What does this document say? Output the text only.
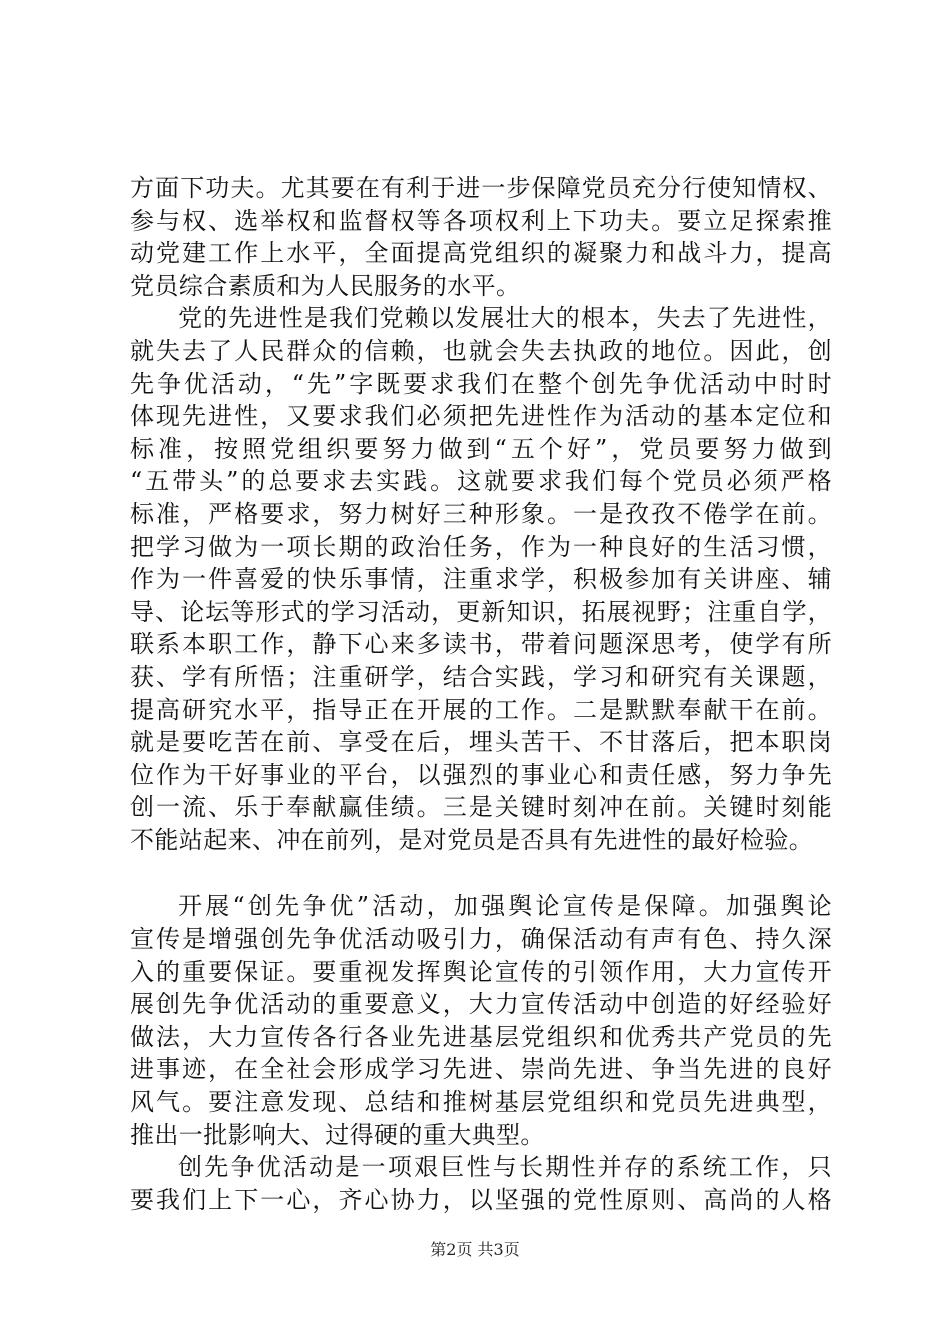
方面下功夫。尤其要在有利于进一步保障党员充分行使知情权、
参与权、选举权和监督权等各项权利上下功夫。要立足探索推
动党建工作上水平，全面提高党组织的凝聚力和战斗力，提高
党员综合素质和为人民服务的水平。
党的先进性是我们党赖以发展壮大的根本，失去了先进性，
就失去了人民群众的信赖，也就会失去执政的地位。因此，创
先争优活动，“先”字既要求我们在整个创先争优活动中时时
体现先进性，又要求我们必须把先进性作为活动的基本定位和
标准，按照党组织要努力做到“五个好”，党员要努力做到
“五带头”的总要求去实践。这就要求我们每个党员必须严格
标准，严格要求，努力树好三种形象。一是孜孜不倦学在前。
把学习做为一项长期的政治任务，作为一种良好的生活习惯，
作为一件喜爱的快乐事情，注重求学，积极参加有关讲座、辅
导、论坛等形式的学习活动，更新知识，拓展视野；注重自学，
联系本职工作，静下心来多读书，带着问题深思考，使学有所
获、学有所悟；注重研学，结合实践，学习和研究有关课题，
提高研究水平，指导正在开展的工作。二是默默奉献干在前。
就是要吃苦在前、享受在后，埋头苦干、不甘落后，把本职岗
位作为干好事业的平台，以强烈的事业心和责任感，努力争先
创一流、乐于奉献赢佳绩。三是关键时刻冲在前。关键时刻能
不能站起来、冲在前列，是对党员是否具有先进性的最好检验。
开展“创先争优”活动，加强舆论宣传是保障。加强舆论
宣传是增强创先争优活动吸引力，确保活动有声有色、持久深
入的重要保证。要重视发挥舆论宣传的引领作用，大力宣传开
展创先争优活动的重要意义，大力宣传活动中创造的好经验好
做法，大力宣传各行各业先进基层党组织和优秀共产党员的先
进事迹，在全社会形成学习先进、崇尚先进、争当先进的良好
风气。要注意发现、总结和推树基层党组织和党员先进典型，
推出一批影响大、过得硬的重大典型。
创先争优活动是一项艰巨性与长期性并存的系统工作，只
要我们上下一心，齐心协力，以坚强的党性原则、高尚的人格
第2页 共3页
